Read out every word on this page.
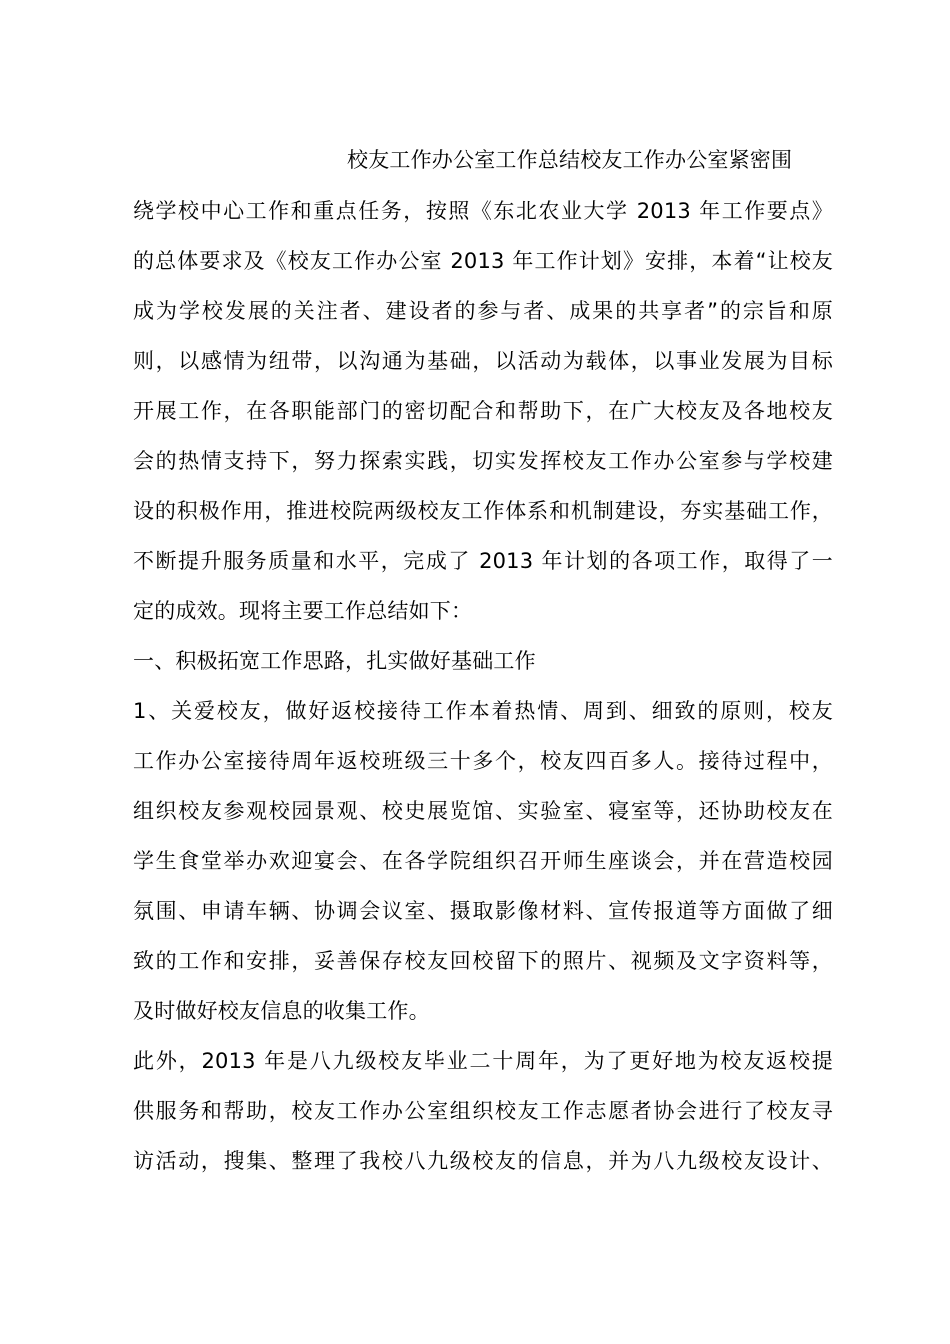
校友工作办公室工作总结校友工作办公室紧密围
绕学校中心工作和重点任务，按照《东北农业大学 2013 年工作要点》
的总体要求及《校友工作办公室 2013 年工作计划》安排，本着“让校友
成为学校发展的关注者、建设者的参与者、成果的共享者”的宗旨和原
则，以感情为纽带，以沟通为基础，以活动为载体，以事业发展为目标
开展工作，在各职能部门的密切配合和帮助下，在广大校友及各地校友
会的热情支持下，努力探索实践，切实发挥校友工作办公室参与学校建
设的积极作用，推进校院两级校友工作体系和机制建设，夯实基础工作，
不断提升服务质量和水平，完成了 2013 年计划的各项工作，取得了一
定的成效。现将主要工作总结如下：
一、积极拓宽工作思路，扎实做好基础工作
1、关爱校友，做好返校接待工作本着热情、周到、细致的原则，校友
工作办公室接待周年返校班级三十多个，校友四百多人。接待过程中，
组织校友参观校园景观、校史展览馆、实验室、寝室等，还协助校友在
学生食堂举办欢迎宴会、在各学院组织召开师生座谈会，并在营造校园
氛围、申请车辆、协调会议室、摄取影像材料、宣传报道等方面做了细
致的工作和安排，妥善保存校友回校留下的照片、视频及文字资料等，
及时做好校友信息的收集工作。
此外，2013 年是八九级校友毕业二十周年，为了更好地为校友返校提
供服务和帮助，校友工作办公室组织校友工作志愿者协会进行了校友寻
访活动，搜集、整理了我校八九级校友的信息，并为八九级校友设计、
